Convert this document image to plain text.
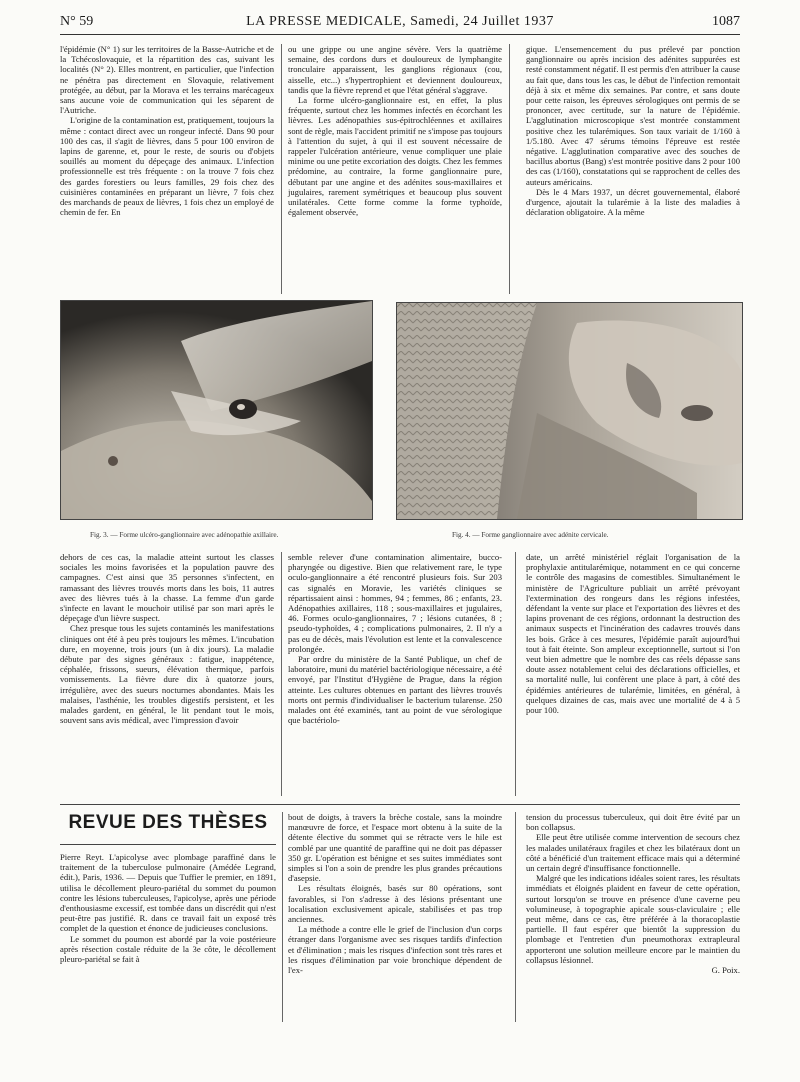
N° 59	LA PRESSE MEDICALE, Samedi, 24 Juillet 1937	1087

l'épidémie (N° 1) sur les territoires de la Basse-Autriche et de la Tchécoslovaquie, et la répartition des cas, suivant les localités (N° 2). Elles montrent, en particulier, que l'infection ne pénétra pas directement en Slovaquie, relativement protégée, au début, par la Morava et les terrains marécageux sans aucune voie de communication qui les séparent de l'Autriche.

L'origine de la contamination est, pratiquement, toujours la même : contact direct avec un rongeur infecté. Dans 90 pour 100 des cas, il s'agit de lièvres, dans 5 pour 100 environ de lapins de garenne, et, pour le reste, de souris ou d'objets souillés au moment du dépeçage des animaux. L'infection professionnelle est très fréquente : on la trouve 7 fois chez des gardes forestiers ou leurs familles, 29 fois chez des cuisinières contaminées en préparant un lièvre, 7 fois chez des marchands de peaux de lièvres, 1 fois chez un employé de chemin de fer. En

ou une grippe ou une angine sévère. Vers la quatrième semaine, des cordons durs et douloureux de lymphangite tronculaire apparaissent, les ganglions régionaux (cou, aisselle, etc...) s'hypertrophient et deviennent douloureux, tandis que la fièvre reprend et que l'état général s'aggrave.

La forme ulcéro-ganglionnaire est, en effet, la plus fréquente, surtout chez les hommes infectés en écorchant les lièvres. Les adénopathies sus-épitrochléennes et axillaires sont de règle, mais l'accident primitif ne s'impose pas toujours à l'attention du sujet, à qui il est souvent nécessaire de rappeler l'ulcération antérieure, venue compliquer une plaie minime ou une petite excoriation des doigts. Chez les femmes prédomine, au contraire, la forme ganglionnaire pure, débutant par une angine et des adénites sous-maxillaires et jugulaires, rarement symétriques et beaucoup plus souvent unilatérales. Cette forme comme la forme typhoïde, également observée,

gique. L'ensemencement du pus prélevé par ponction ganglionnaire ou après incision des adénites suppurées est resté constamment négatif. Il est permis d'en attribuer la cause au fait que, dans tous les cas, le début de l'infection remontait déjà à six et même dix semaines. Par contre, et sans doute pour cette raison, les épreuves sérologiques ont permis de se prononcer, avec certitude, sur la nature de l'épidémie. L'agglutination microscopique s'est montrée constamment positive chez les tularémiques. Son taux variait de 1/160 à 1/5.180. Avec 47 sérums témoins l'épreuve est restée négative. L'agglutination comparative avec des souches de bacillus abortus (Bang) s'est montrée positive dans 2 pour 100 des cas (1/160), constatations qui se rapprochent de celles des auteurs américains.

Dès le 4 Mars 1937, un décret gouvernemental, élaboré d'urgence, ajoutait la tularémie à la liste des maladies à déclaration obligatoire. A la même

Fig. 3. — Forme ulcéro-ganglionnaire avec adénopathie axillaire.	Fig. 4. — Forme ganglionnaire avec adénite cervicale.

dehors de ces cas, la maladie atteint surtout les classes sociales les moins favorisées et la population pauvre des campagnes. C'est ainsi que 35 personnes s'infectent, en ramassant des lièvres trouvés morts dans les bois, 11 autres avec des lièvres tués à la chasse. La femme d'un garde s'infecte en lavant le mouchoir utilisé par son mari après le dépeçage d'un lièvre suspect.

Chez presque tous les sujets contaminés les manifestations cliniques ont été à peu près toujours les mêmes. L'incubation dure, en moyenne, trois jours (un à dix jours). La maladie débute par des signes généraux : fatigue, inappétence, céphalée, frissons, sueurs, élévation thermique, parfois vomissements. La fièvre dure dix à quatorze jours, irrégulière, avec des sueurs nocturnes abondantes. Mais les malaises, l'asthénie, les troubles digestifs persistent, et les malades gardent, en général, le lit pendant tout le mois, souvent sans avis médical, avec l'impression d'avoir

semble relever d'une contamination alimentaire, bucco-pharyngée ou digestive. Bien que relativement rare, le type oculo-ganglionnaire a été rencontré plusieurs fois. Sur 203 cas signalés en Moravie, les variétés cliniques se répartissaient ainsi : hommes, 94 ; femmes, 86 ; enfants, 23. Adénopathies axillaires, 118 ; sous-maxillaires et jugulaires, 46. Formes oculo-ganglionnaires, 7 ; lésions cutanées, 8 ; pseudo-typhoïdes, 4 ; complications pulmonaires, 2. Il n'y a pas eu de décès, mais l'évolution est lente et la convalescence prolongée.

Par ordre du ministère de la Santé Publique, un chef de laboratoire, muni du matériel bactériologique nécessaire, a été envoyé, par l'Institut d'Hygiène de Prague, dans la région atteinte. Les cultures obtenues en partant des lièvres trouvés morts ont permis d'individualiser le bacterium tularense. 250 malades ont été examinés, tant au point de vue sérologique que bactériolo-

date, un arrêté ministériel réglait l'organisation de la prophylaxie antitularémique, notamment en ce qui concerne le contrôle des magasins de comestibles. Simultanément le ministère de l'Agriculture publiait un arrêté prévoyant l'extermination des rongeurs dans les régions infestées, défendant la vente sur place et l'exportation des lièvres et des lapins provenant de ces régions, ordonnant la destruction des animaux suspects et l'incinération des cadavres trouvés dans les bois. Grâce à ces mesures, l'épidémie paraît aujourd'hui tout à fait éteinte. Son ampleur exceptionnelle, surtout si l'on veut bien admettre que le nombre des cas réels dépasse sans doute assez notablement celui des déclarations officielles, et sa mortalité nulle, lui confèrent une place à part, à côté des épidémies antérieures de tularémie, limitées, en général, à quelques dizaines de cas, mais avec une mortalité de 4 à 5 pour 100.

REVUE DES THÈSES

Pierre Reyt. L'apicolyse avec plombage paraffiné dans le traitement de la tuberculose pulmonaire (Amédée Legrand, édit.), Paris, 1936. — Depuis que Tuffier le premier, en 1891, utilisa le décollement pleuro-pariétal du sommet du poumon contre les lésions tuberculeuses, l'apicolyse, après une période d'enthousiasme excessif, est tombée dans un discrédit qui n'est peut-être pas justifié. R. dans ce travail fait un exposé très complet de la question et énonce de judicieuses conclusions.

Le sommet du poumon est abordé par la voie postérieure après résection costale réduite de la 3e côte, le décollement pleuro-pariétal se fait à

bout de doigts, à travers la brèche costale, sans la moindre manœuvre de force, et l'espace mort obtenu à la suite de la détente élective du sommet qui se rétracte vers le hile est comblé par une quantité de paraffine qui ne doit pas dépasser 350 gr. L'opération est bénigne et ses suites immédiates sont simples si l'on a soin de prendre les plus grandes précautions d'asepsie.

Les résultats éloignés, basés sur 80 opérations, sont favorables, si l'on s'adresse à des lésions présentant une localisation exclusivement apicale, stabilisées et pas trop anciennes.

La méthode a contre elle le grief de l'inclusion d'un corps étranger dans l'organisme avec ses risques tardifs d'infection et d'élimination ; mais les risques d'infection sont très rares et les risques d'élimination par voie bronchique dépendent de l'ex-

tension du processus tuberculeux, qui doit être évité par un bon collapsus.

Elle peut être utilisée comme intervention de secours chez les malades unilatéraux fragiles et chez les bilatéraux dont un côté a bénéficié d'un traitement efficace mais qui a déterminé un certain degré d'insuffisance fonctionnelle.

Malgré que les indications idéales soient rares, les résultats immédiats et éloignés plaident en faveur de cette opération, surtout lorsqu'on se trouve en présence d'une caverne peu volumineuse, à topographie apicale sous-claviculaire ; elle peut même, dans ce cas, être préférée à la thoracoplastie partielle. Il faut espérer que bientôt la suppression du plombage et l'entretien d'un pneumothorax extrapleural apporteront une solution meilleure encore par le maintien du collapsus lésionnel.

G. Poix.
